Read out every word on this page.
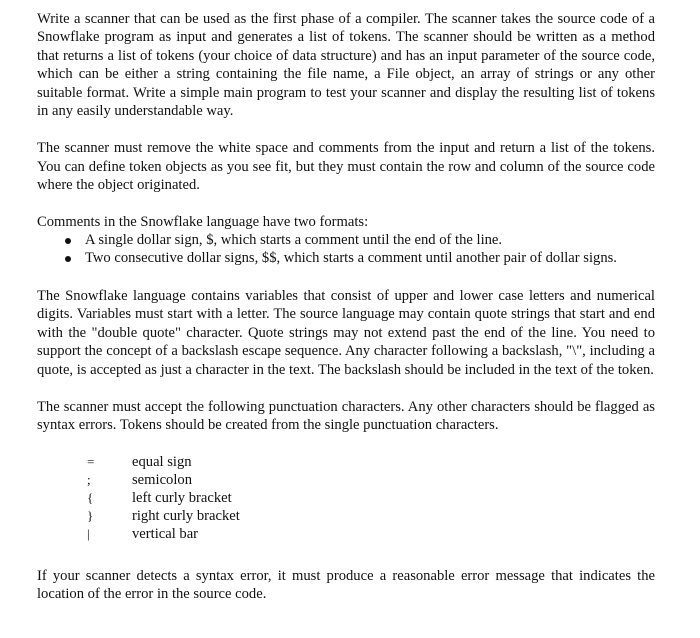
Write a scanner that can be used as the first phase of a compiler. The scanner takes the source code of a Snowflake program as input and generates a list of tokens. The scanner should be written as a method that returns a list of tokens (your choice of data structure) and has an input parameter of the source code, which can be either a string containing the file name, a File object, an array of strings or any other suitable format. Write a simple main program to test your scanner and display the resulting list of tokens in any easily understandable way.

The scanner must remove the white space and comments from the input and return a list of the tokens. You can define token objects as you see fit, but they must contain the row and column of the source code where the object originated.

Comments in the Snowflake language have two formats:

A single dollar sign, $, which starts a comment until the end of the line.
Two consecutive dollar signs, $$, which starts a comment until another pair of dollar signs.

The Snowflake language contains variables that consist of upper and lower case letters and numerical digits. Variables must start with a letter. The source language may contain quote strings that start and end with the "double quote" character. Quote strings may not extend past the end of the line. You need to support the concept of a backslash escape sequence. Any character following a backslash, "\", including a quote, is accepted as just a character in the text. The backslash should be included in the text of the token.

The scanner must accept the following punctuation characters. Any other characters should be flagged as syntax errors. Tokens should be created from the single punctuation characters.

=	equal sign
;	semicolon
{	left curly bracket
}	right curly bracket
|	vertical bar

If your scanner detects a syntax error, it must produce a reasonable error message that indicates the location of the error in the source code.
